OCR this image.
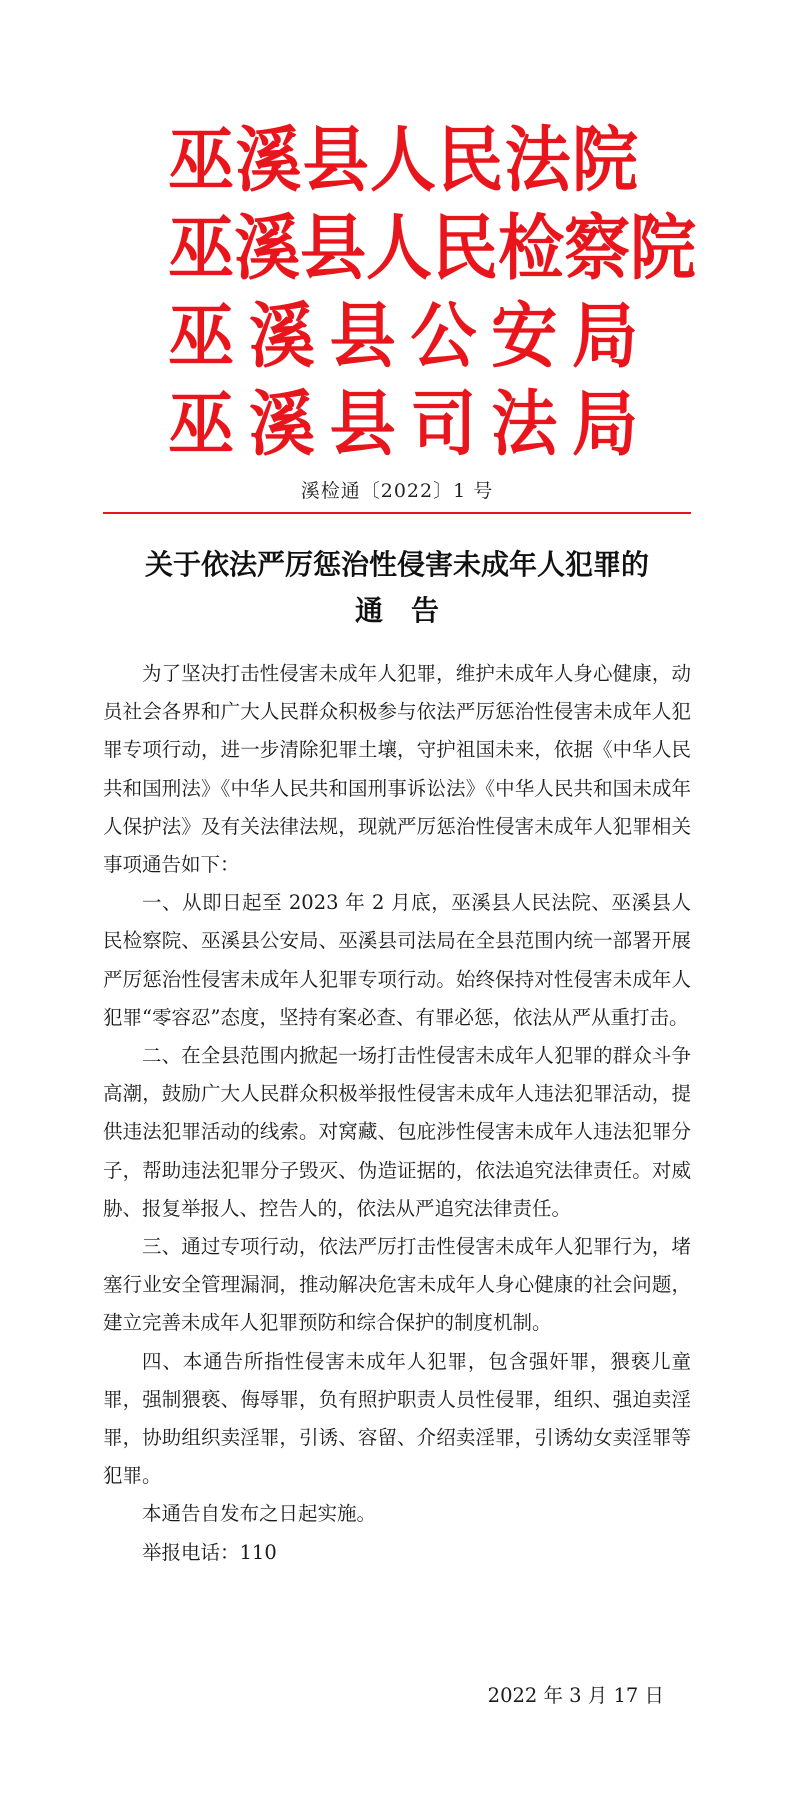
巫 溪 县 人 民 法 院
巫 溪 县 人 民 检 察 院
巫 溪 县 公 安 局
巫 溪 县 司 法 局
溪检通〔2022〕1 号
关于依法严厉惩治性侵害未成年人犯罪的
通告

为了坚决打击性侵害未成年人犯罪，维护未成年人身心健康，动员社会各界和广大人民群众积极参与依法严厉惩治性侵害未成年人犯罪专项行动，进一步清除犯罪土壤，守护祖国未来，依据《中华人民共和国刑法》《中华人民共和国刑事诉讼法》《中华人民共和国未成年人保护法》及有关法律法规，现就严厉惩治性侵害未成年人犯罪相关事项通告如下：

一、从即日起至 2023 年 2 月底，巫溪县人民法院、巫溪县人民检察院、巫溪县公安局、巫溪县司法局在全县范围内统一部署开展严厉惩治性侵害未成年人犯罪专项行动。始终保持对性侵害未成年人犯罪“零容忍”态度，坚持有案必查、有罪必惩，依法从严从重打击。

二、在全县范围内掀起一场打击性侵害未成年人犯罪的群众斗争高潮，鼓励广大人民群众积极举报性侵害未成年人违法犯罪活动，提供违法犯罪活动的线索。对窝藏、包庇涉性侵害未成年人违法犯罪分子，帮助违法犯罪分子毁灭、伪造证据的，依法追究法律责任。对威胁、报复举报人、控告人的，依法从严追究法律责任。

三、通过专项行动，依法严厉打击性侵害未成年人犯罪行为，堵塞行业安全管理漏洞，推动解决危害未成年人身心健康的社会问题，建立完善未成年人犯罪预防和综合保护的制度机制。

四、本通告所指性侵害未成年人犯罪，包含强奸罪，猥亵儿童罪，强制猥亵、侮辱罪，负有照护职责人员性侵罪，组织、强迫卖淫罪，协助组织卖淫罪，引诱、容留、介绍卖淫罪，引诱幼女卖淫罪等犯罪。

本通告自发布之日起实施。

举报电话：110

2022 年 3 月 17 日
